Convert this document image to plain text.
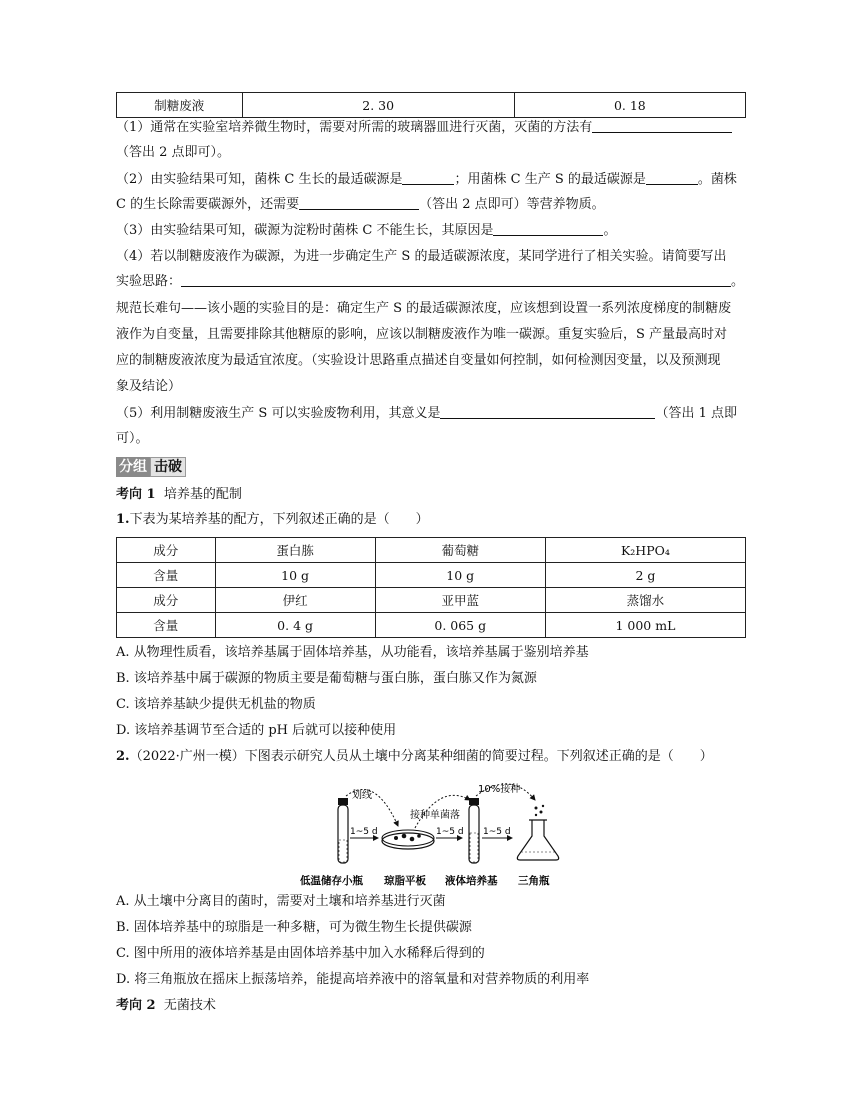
制糖废液	2. 30	0. 18
（1）通常在实验室培养微生物时，需要对所需的玻璃器皿进行灭菌，灭菌的方法有
（答出 2 点即可）。
（2）由实验结果可知，菌株 C 生长的最适碳源是	；用菌株 C 生产 S 的最适碳源是	。菌株
C 的生长除需要碳源外，还需要	（答出 2 点即可）等营养物质。
（3）由实验结果可知，碳源为淀粉时菌株 C 不能生长，其原因是	。
（4）若以制糖废液作为碳源，为进一步确定生产 S 的最适碳源浓度，某同学进行了相关实验。请简要写出
实验思路：	。
规范长难句——该小题的实验目的是：确定生产 S 的最适碳源浓度，应该想到设置一系列浓度梯度的制糖废
液作为自变量，且需要排除其他糖原的影响，应该以制糖废液作为唯一碳源。重复实验后，S 产量最高时对
应的制糖废液浓度为最适宜浓度。（实验设计思路重点描述自变量如何控制，如何检测因变量，以及预测现
象及结论）
（5）利用制糖废液生产 S 可以实验废物利用，其意义是	（答出 1 点即
可）。
分组 击破
考向 1 培养基的配制
1.下表为某培养基的配方，下列叙述正确的是（　　）
成分	蛋白胨	葡萄糖	K₂HPO₄
含量	10 g	10 g	2 g
成分	伊红	亚甲蓝	蒸馏水
含量	0. 4 g	0. 065 g	1 000 mL
A. 从物理性质看，该培养基属于固体培养基，从功能看，该培养基属于鉴别培养基
B. 该培养基中属于碳源的物质主要是葡萄糖与蛋白胨，蛋白胨又作为氮源
C. 该培养基缺少提供无机盐的物质
D. 该培养基调节至合适的 pH 后就可以接种使用
2.（2022·广州一模）下图表示研究人员从土壤中分离某种细菌的简要过程。下列叙述正确的是（　　）
1~5 d
划线
1~5 d
接种单菌落
1~5 d
10%接种
低温储存小瓶 琼脂平板 液体培养基 三角瓶
A. 从土壤中分离目的菌时，需要对土壤和培养基进行灭菌
B. 固体培养基中的琼脂是一种多糖，可为微生物生长提供碳源
C. 图中所用的液体培养基是由固体培养基中加入水稀释后得到的
D. 将三角瓶放在摇床上振荡培养，能提高培养液中的溶氧量和对营养物质的利用率
考向 2 无菌技术
